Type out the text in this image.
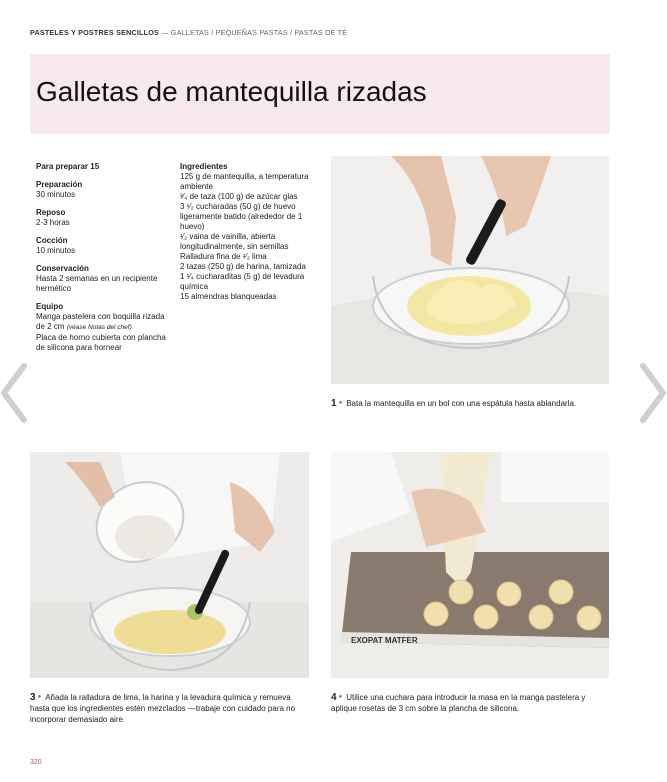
PASTELES Y POSTRES SENCILLOS — GALLETAS / PEQUEÑAS PASTAS / PASTAS DE TÉ
Galletas de mantequilla rizadas
Para preparar 15
Preparación
30 minutos
Reposo
2-3 horas
Cocción
10 minutos
Conservación
Hasta 2 semanas en un recipiente hermético
Equipo
Manga pastelera con boquilla rizada de 2 cm (véase Notas del chef)
Placa de horno cubierta con plancha de silicona para hornear
Ingredientes
125 g de mantequilla, a temperatura ambiente
³⁄₄ de taza (100 g) de azúcar glas
3 ¹⁄₂ cucharadas (50 g) de huevo ligeramente batido (alrededor de 1 huevo)
¹⁄₂ vaina de vainilla, abierta longitudinalmente, sin semillas
Ralladura fina de ¹⁄₂ lima
2 tazas (250 g) de harina, tamizada
1 ¹⁄₄ cucharaditas (5 g) de levadura química
15 almendras blanqueadas
1 ● Bata la mantequilla en un bol con una espátula hasta ablandarla.
EXOPAT MATFER
3 ● Añada la ralladura de lima, la harina y la levadura química y remueva hasta que los ingredientes estén mezclados —trabaje con cuidado para no incorporar demasiado aire.
4 ● Utilice una cuchara para introducir la masa en la manga pastelera y aplique rosetas de 3 cm sobre la plancha de silicona.
320
